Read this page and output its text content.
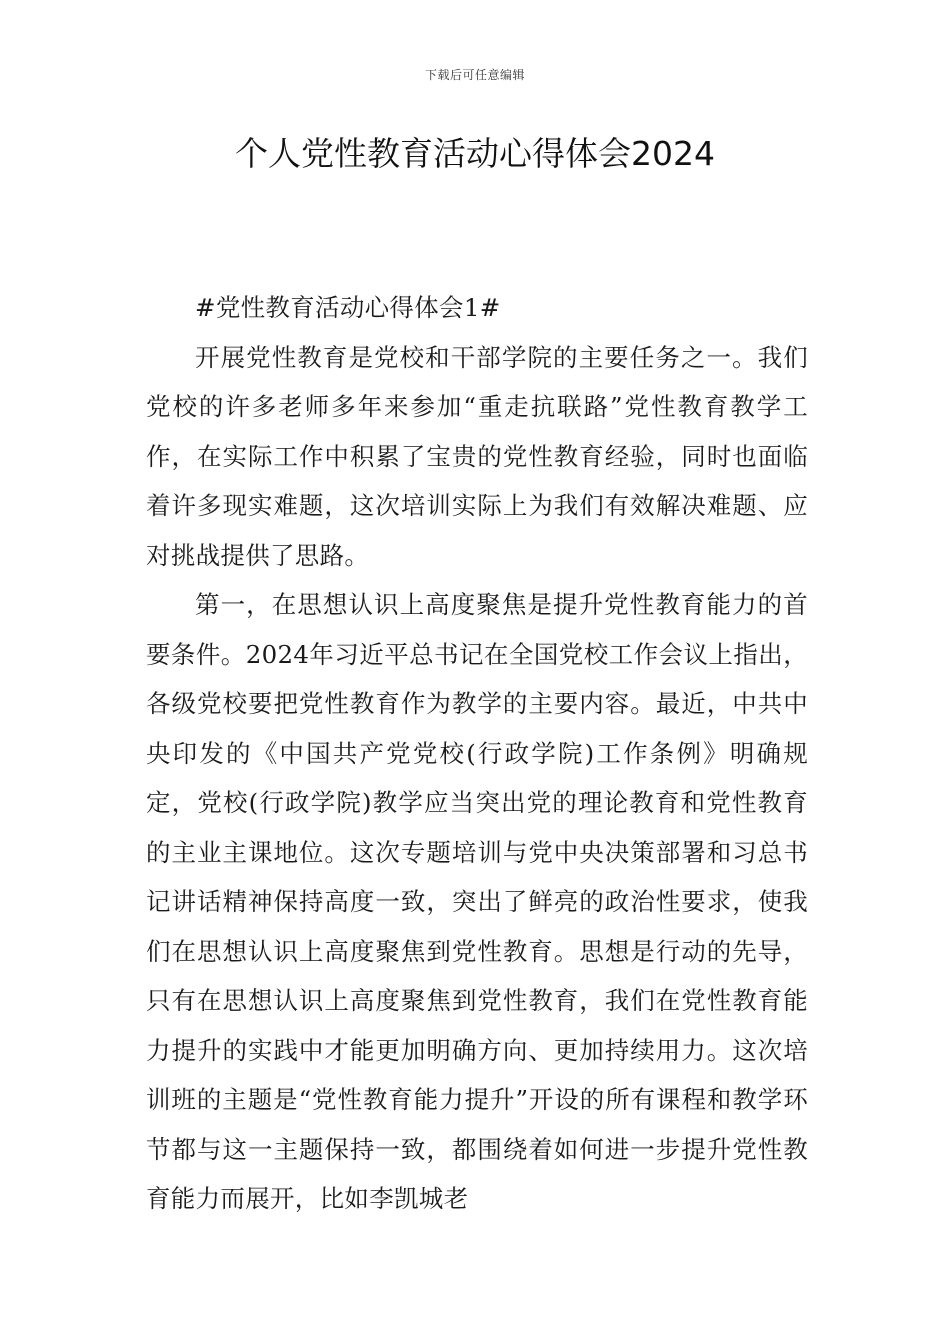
下载后可任意编辑
个人党性教育活动心得体会2024

#党性教育活动心得体会1#

开展党性教育是党校和干部学院的主要任务之一。我们党校的许多老师多年来参加“重走抗联路”党性教育教学工作，在实际工作中积累了宝贵的党性教育经验，同时也面临着许多现实难题，这次培训实际上为我们有效解决难题、应对挑战提供了思路。

第一，在思想认识上高度聚焦是提升党性教育能力的首要条件。2024年习近平总书记在全国党校工作会议上指出，各级党校要把党性教育作为教学的主要内容。最近，中共中央印发的《中国共产党党校(行政学院)工作条例》明确规定，党校(行政学院)教学应当突出党的理论教育和党性教育的主业主课地位。这次专题培训与党中央决策部署和习总书记讲话精神保持高度一致，突出了鲜亮的政治性要求，使我们在思想认识上高度聚焦到党性教育。思想是行动的先导，只有在思想认识上高度聚焦到党性教育，我们在党性教育能力提升的实践中才能更加明确方向、更加持续用力。这次培训班的主题是“党性教育能力提升”开设的所有课程和教学环节都与这一主题保持一致，都围绕着如何进一步提升党性教育能力而展开，比如李凯城老
